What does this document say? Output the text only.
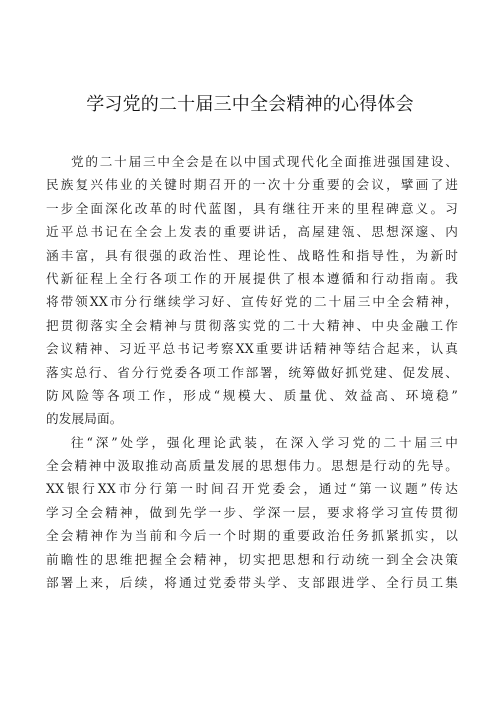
学习党的二十届三中全会精神的心得体会
党的二十届三中全会是在以中国式现代化全面推进强国建设、
民族复兴伟业的关键时期召开的一次十分重要的会议，擘画了进
一步全面深化改革的时代蓝图，具有继往开来的里程碑意义。习
近平总书记在全会上发表的重要讲话，高屋建瓴、思想深邃、内
涵丰富，具有很强的政治性、理论性、战略性和指导性，为新时
代新征程上全行各项工作的开展提供了根本遵循和行动指南。我
将带领XX市分行继续学习好、宣传好党的二十届三中全会精神，
把贯彻落实全会精神与贯彻落实党的二十大精神、中央金融工作
会议精神、习近平总书记考察XX重要讲话精神等结合起来，认真
落实总行、省分行党委各项工作部署，统筹做好抓党建、促发展、
防风险等各项工作，形成“规模大、质量优、效益高、环境稳”
的发展局面。
往“深”处学，强化理论武装，在深入学习党的二十届三中
全会精神中汲取推动高质量发展的思想伟力。思想是行动的先导。
XX银行XX市分行第一时间召开党委会，通过“第一议题”传达
学习全会精神，做到先学一步、学深一层，要求将学习宣传贯彻
全会精神作为当前和今后一个时期的重要政治任务抓紧抓实，以
前瞻性的思维把握全会精神，切实把思想和行动统一到全会决策
部署上来，后续，将通过党委带头学、支部跟进学、全行员工集
